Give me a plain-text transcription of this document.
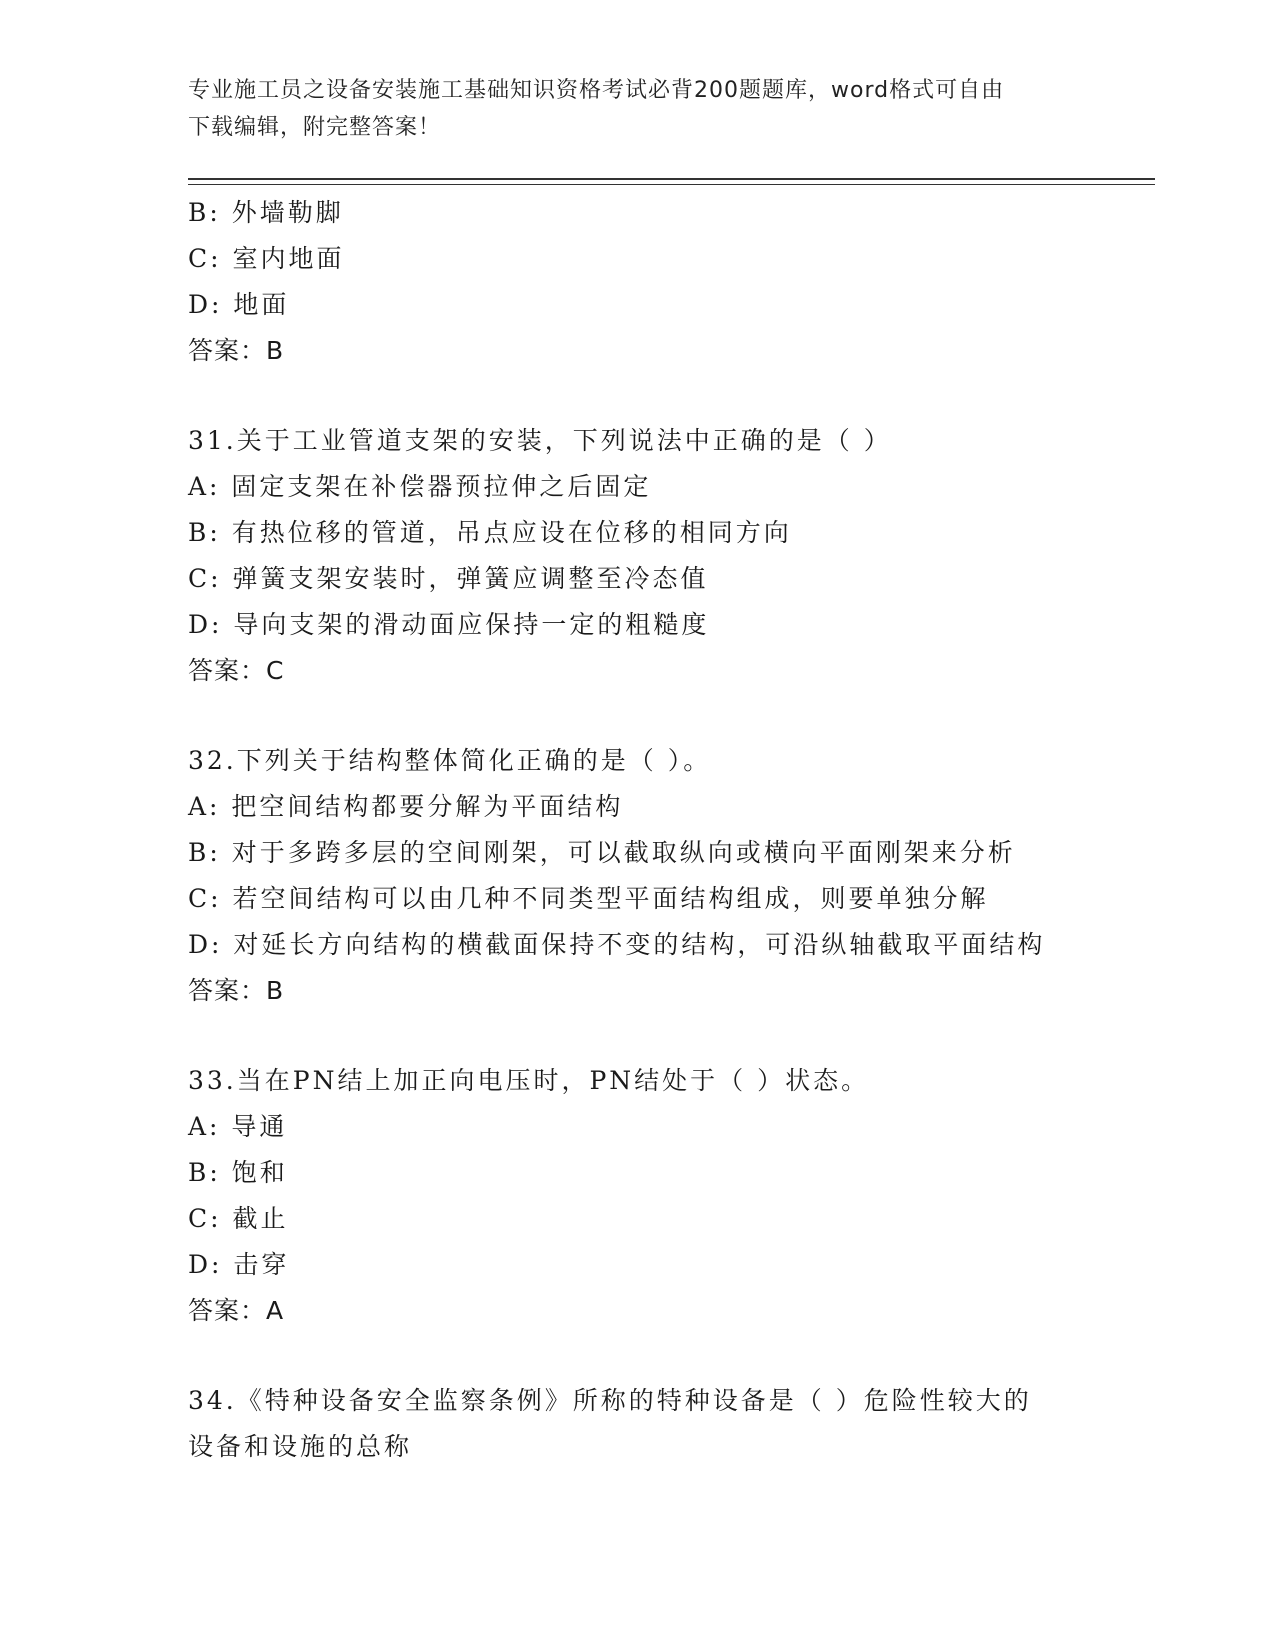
专业施工员之设备安装施工基础知识资格考试必背200题题库，word格式可自由
下载编辑，附完整答案！
B: 外墙勒脚
C: 室内地面
D: 地面
答案：B
31.关于工业管道支架的安装，下列说法中正确的是（ ）
A: 固定支架在补偿器预拉伸之后固定
B: 有热位移的管道，吊点应设在位移的相同方向
C: 弹簧支架安装时，弹簧应调整至冷态值
D: 导向支架的滑动面应保持一定的粗糙度
答案：C
32.下列关于结构整体简化正确的是（ ）。
A: 把空间结构都要分解为平面结构
B: 对于多跨多层的空间刚架，可以截取纵向或横向平面刚架来分析
C: 若空间结构可以由几种不同类型平面结构组成，则要单独分解
D: 对延长方向结构的横截面保持不变的结构，可沿纵轴截取平面结构
答案：B
33.当在PN结上加正向电压时，PN结处于（ ）状态。
A: 导通
B: 饱和
C: 截止
D: 击穿
答案：A
34.《特种设备安全监察条例》所称的特种设备是（ ）危险性较大的
设备和设施的总称
